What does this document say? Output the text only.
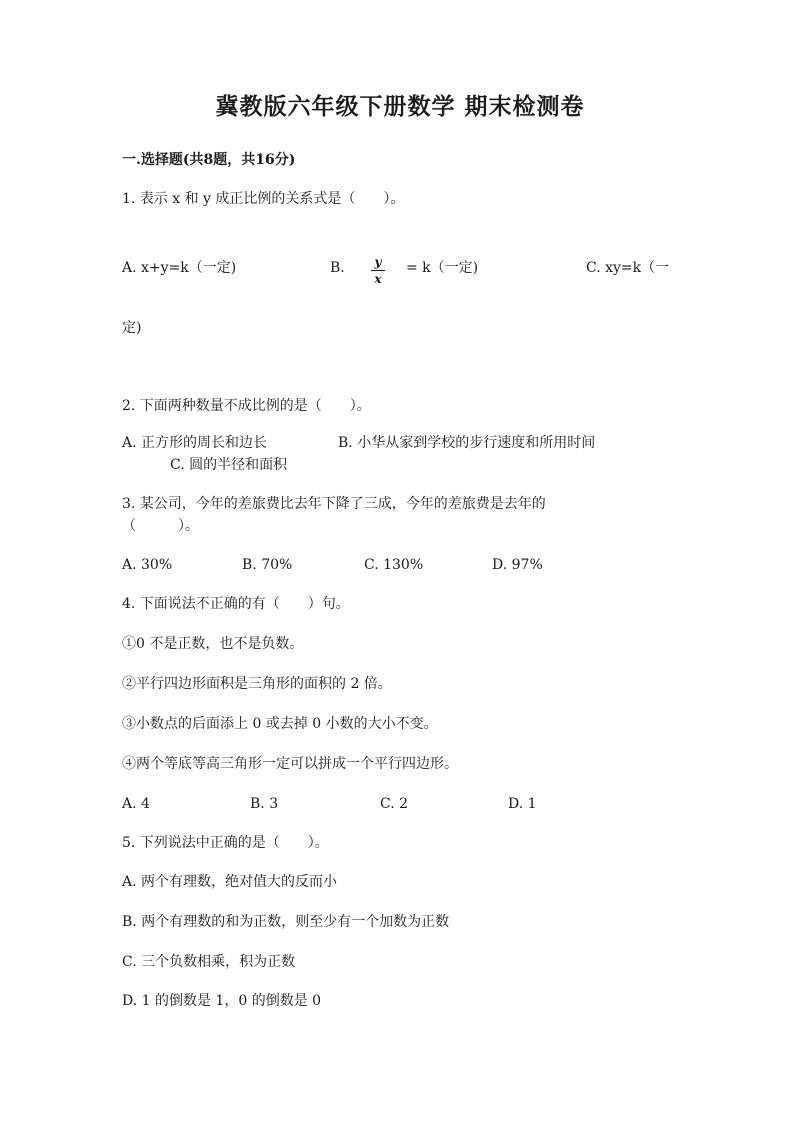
冀教版六年级下册数学 期末检测卷
一.选择题(共8题，共16分)
1. 表示 x 和 y 成正比例的关系式是（　　）。
A. x+y=k（一定)	B.	y
x
= k（一定)	C. xy=k（一
定)
2. 下面两种数量不成比例的是（　　）。
A. 正方形的周长和边长	B. 小华从家到学校的步行速度和所用时间
C. 圆的半径和面积
3. 某公司，今年的差旅费比去年下降了三成，今年的差旅费是去年的
（　　　）。
A. 30%	B. 70%	C. 130%	D. 97%
4. 下面说法不正确的有（　　）句。
①0 不是正数，也不是负数。
②平行四边形面积是三角形的面积的 2 倍。
③小数点的后面添上 0 或去掉 0 小数的大小不变。
④两个等底等高三角形一定可以拼成一个平行四边形。
A. 4	B. 3	C. 2	D. 1
5. 下列说法中正确的是（　　）。
A. 两个有理数，绝对值大的反而小
B. 两个有理数的和为正数，则至少有一个加数为正数
C. 三个负数相乘，积为正数
D. 1 的倒数是 1，0 的倒数是 0
